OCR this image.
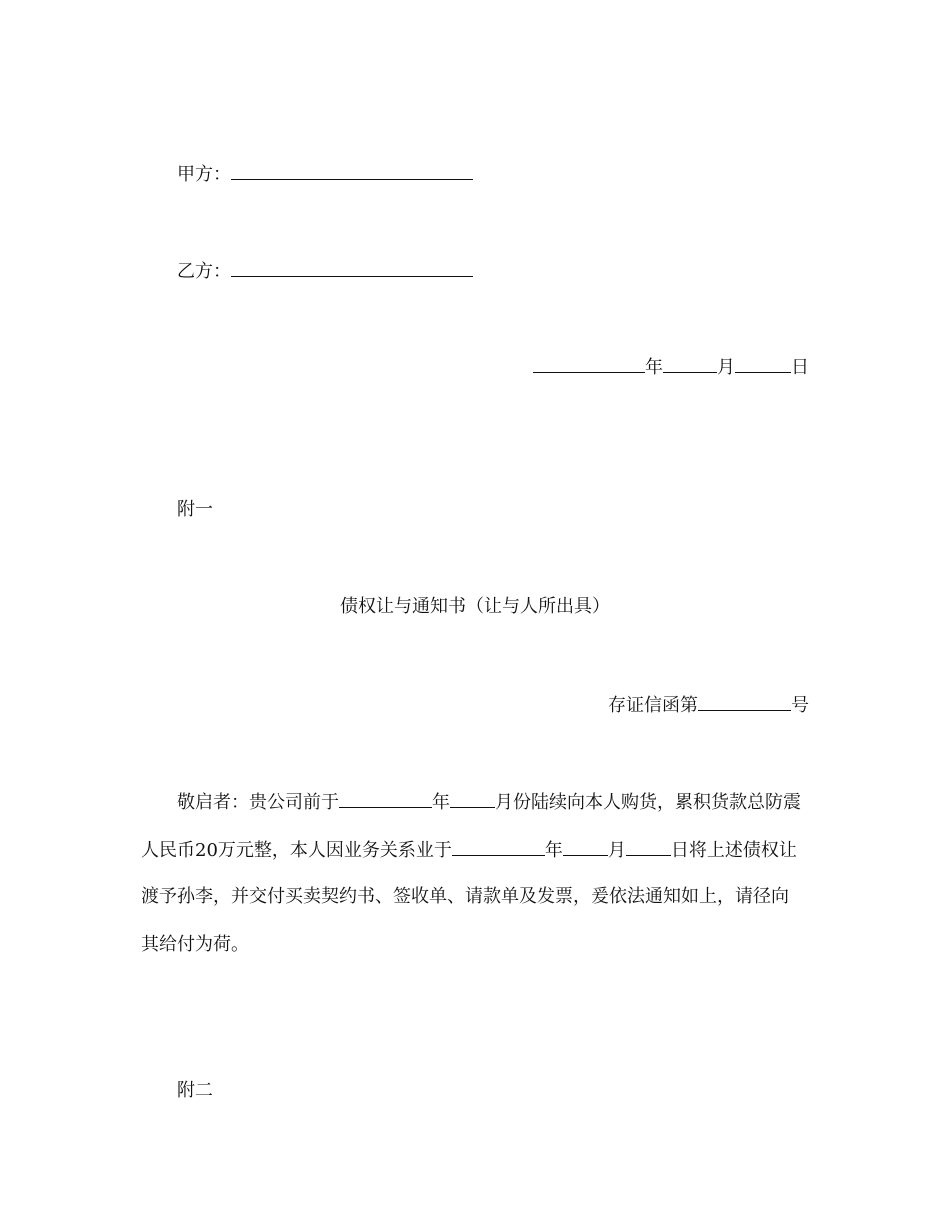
甲方：
乙方：
年	月	日
附一
债权让与通知书（让与人所出具）
存证信函第	号
敬启者：贵公司前于	年	月份陆续向本人购货，累积货款总防震
人民币20万元整，本人因业务关系业于	年	月	日将上述债权让
渡予孙李，并交付买卖契约书、签收单、请款单及发票，爰依法通知如上，请径向
其给付为荷。
附二
